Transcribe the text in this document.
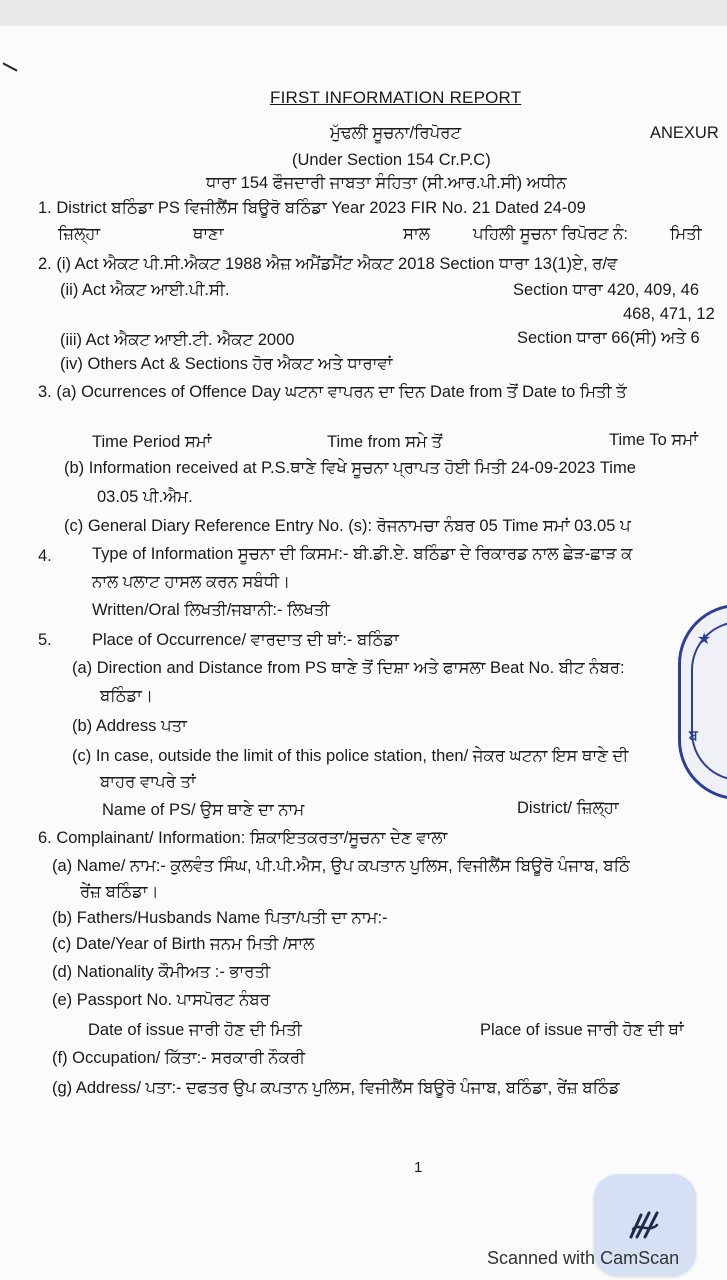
FIRST INFORMATION REPORT
ਮੁੱਢਲੀ ਸੂਚਨਾ/ਰਿਪੋਰਟ	ANEXUR
(Under Section 154 Cr.P.C)
ਧਾਰਾ 154 ਫੌਜਦਾਰੀ ਜਾਬਤਾ ਸੰਹਿਤਾ (ਸੀ.ਆਰ.ਪੀ.ਸੀ) ਅਧੀਨ
1. District ਬਠਿੰਡਾ PS ਵਿਜੀਲੈਂਸ ਬਿਊਰੋ ਬਠਿੰਡਾ Year 2023 FIR No. 21 Dated 24-09
ਜ਼ਿਲ੍ਹਾ	ਥਾਣਾ	ਸਾਲ	ਪਹਿਲੀ ਸੂਚਨਾ ਰਿਪੋਰਟ ਨੰ:	ਮਿਤੀ
2. (i) Act ਐਕਟ ਪੀ.ਸੀ.ਐਕਟ 1988 ਐਜ਼ ਅਮੈਂਡਮੈਂਟ ਐਕਟ 2018 Section ਧਾਰਾ 13(1)ਏ, ਰ/ਵ
(ii) Act ਐਕਟ ਆਈ.ਪੀ.ਸੀ.	Section ਧਾਰਾ 420, 409, 46
468, 471, 12
(iii) Act ਐਕਟ ਆਈ.ਟੀ. ਐਕਟ 2000	Section ਧਾਰਾ 66(ਸੀ) ਅਤੇ 6
(iv) Others Act & Sections ਹੋਰ ਐਕਟ ਅਤੇ ਧਾਰਾਵਾਂ
3. (a) Ocurrences of Offence Day ਘਟਨਾ ਵਾਪਰਨ ਦਾ ਦਿਨ Date from ਤੋਂ Date to ਮਿਤੀ ਤੱ
Time Period ਸਮਾਂ	Time from ਸਮੇ ਤੋਂ	Time To ਸਮਾਂ
(b) Information received at P.S.ਥਾਣੇ ਵਿਖੇ ਸੂਚਨਾ ਪ੍ਰਾਪਤ ਹੋਈ ਮਿਤੀ 24-09-2023 Time
03.05 ਪੀ.ਐਮ.
(c) General Diary Reference Entry No. (s): ਰੋਜਨਾਮਚਾ ਨੰਬਰ 05 Time ਸਮਾਂ 03.05 ਪ
4. Type of Information ਸੂਚਨਾ ਦੀ ਕਿਸਮ:- ਬੀ.ਡੀ.ਏ. ਬਠਿੰਡਾ ਦੇ ਰਿਕਾਰਡ ਨਾਲ ਛੇੜ-ਛਾੜ ਕ
ਨਾਲ ਪਲਾਟ ਹਾਸਲ ਕਰਨ ਸਬੰਧੀ।
Written/Oral ਲਿਖਤੀ/ਜਬਾਨੀ:- ਲਿਖਤੀ
5. Place of Occurrence/ ਵਾਰਦਾਤ ਦੀ ਥਾਂ:- ਬਠਿੰਡਾ
(a) Direction and Distance from PS ਥਾਣੇ ਤੋਂ ਦਿਸ਼ਾ ਅਤੇ ਫਾਸਲਾ Beat No. ਬੀਟ ਨੰਬਰ:
ਬਠਿੰਡਾ।
(b) Address ਪਤਾ
(c) In case, outside the limit of this police station, then/ ਜੇਕਰ ਘਟਨਾ ਇਸ ਥਾਣੇ ਦੀ
ਬਾਹਰ ਵਾਪਰੇ ਤਾਂ
Name of PS/ ਉਸ ਥਾਣੇ ਦਾ ਨਾਮ	District/ ਜ਼ਿਲ੍ਹਾ
6. Complainant/ Information: ਸ਼ਿਕਾਇਤਕਰਤਾ/ਸੂਚਨਾ ਦੇਣ ਵਾਲਾ
(a) Name/ ਨਾਮ:- ਕੁਲਵੰਤ ਸਿੰਘ, ਪੀ.ਪੀ.ਐਸ, ਉਪ ਕਪਤਾਨ ਪੁਲਿਸ, ਵਿਜੀਲੈਂਸ ਬਿਊਰੋ ਪੰਜਾਬ, ਬਠਿੰ
ਰੇਂਜ਼ ਬਠਿੰਡਾ।
(b) Fathers/Husbands Name ਪਿਤਾ/ਪਤੀ ਦਾ ਨਾਮ:-
(c) Date/Year of Birth ਜਨਮ ਮਿਤੀ /ਸਾਲ
(d) Nationality ਕੌਮੀਅਤ :- ਭਾਰਤੀ
(e) Passport No. ਪਾਸਪੋਰਟ ਨੰਬਰ
Date of issue ਜਾਰੀ ਹੋਣ ਦੀ ਮਿਤੀ	Place of issue ਜਾਰੀ ਹੋਣ ਦੀ ਥਾਂ
(f) Occupation/ ਕਿੱਤਾ:- ਸਰਕਾਰੀ ਨੌਕਰੀ
(g) Address/ ਪਤਾ:- ਦਫਤਰ ਉਪ ਕਪਤਾਨ ਪੁਲਿਸ, ਵਿਜੀਲੈਂਸ ਬਿਊਰੋ ਪੰਜਾਬ, ਬਠਿੰਡਾ, ਰੇਂਜ਼ ਬਠਿੰਡ
1
★
ਬ
Scanned with CamScan
